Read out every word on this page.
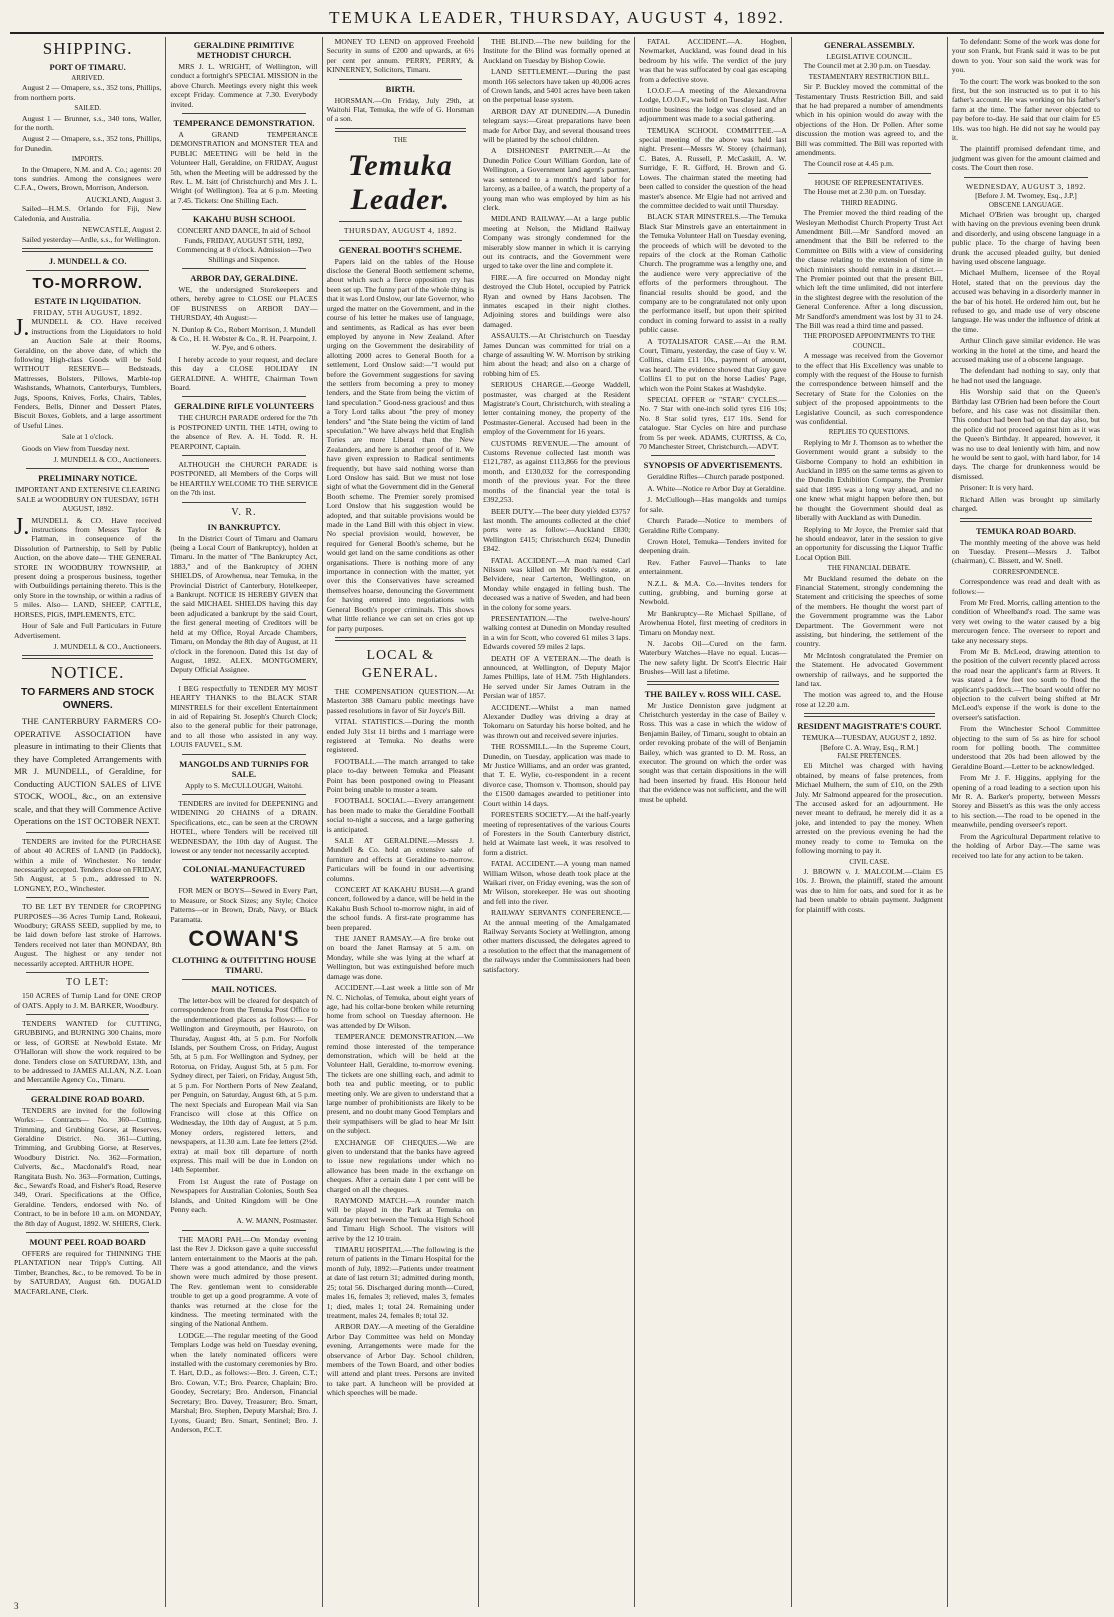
TEMUKA LEADER, THURSDAY, AUGUST 4, 1892.
SHIPPING.
PORT OF TIMARU.
ARRIVED.

August 2 — Omapere, s.s., 352 tons, Phillips, from northern ports.

SAILED.

August 1 — Brunner, s.s., 340 tons, Waller, for the north.

August 2 — Omapere, s.s., 352 tons, Phillips, for Dunedin.

IMPORTS.

In the Omapere, N.M. and A. Co.; agents: 20 tons sundries. Among the consignees were C.F.A., Owers, Brown, Morrison, Anderson.

AUCKLAND, August 3.

Sailed—H.M.S. Orlando for Fiji, New Caledonia, and Australia.

NEWCASTLE, August 2.

Sailed yesterday—Ardle, s.s., for Wellington.

J. MUNDELL & CO.
TO-MORROW.
ESTATE IN LIQUIDATION.
FRIDAY, 5TH AUGUST, 1892.

J. MUNDELL & CO. Have received instructions from the Liquidators to hold an Auction Sale at their Rooms, Geraldine, on the above date, of which the following High-class Goods will be Sold WITHOUT RESERVE— Bedsteads, Mattresses, Bolsters, Pillows, Marble-top Washstands, Whatnots, Canterburys, Tumblers, Jugs, Spoons, Knives, Forks, Chairs, Tables, Fenders, Bells, Dinner and Dessert Plates, Biscuit Boxes, Goblets, and a large assortment of Useful Lines.

Sale at 1 o'clock.

Goods on View from Tuesday next.

J. MUNDELL & CO., Auctioneers.

PRELIMINARY NOTICE.

IMPORTANT AND EXTENSIVE CLEARING SALE at WOODBURY ON TUESDAY, 16TH AUGUST, 1892.

J. MUNDELL & CO. Have received instructions from Messrs Taylor & Flatman, in consequence of the Dissolution of Partnership, to Sell by Public Auction, on the above date— THE GENERAL STORE IN WOODBURY TOWNSHIP, at present doing a prosperous business, together with Outbuildings pertaining thereto. This is the only Store in the township, or within a radius of 5 miles. Also— LAND, SHEEP, CATTLE, HORSES, PIGS, IMPLEMENTS, ETC.

Hour of Sale and Full Particulars in Future Advertisement.

J. MUNDELL & CO., Auctioneers.

NOTICE.
TO FARMERS AND STOCK OWNERS.

THE CANTERBURY FARMERS CO-OPERATIVE ASSOCIATION have pleasure in intimating to their Clients that they have Completed Arrangements with MR J. MUNDELL, of Geraldine, for Conducting AUCTION SALES of LIVE STOCK, WOOL, &c., on an extensive scale, and that they will Commence Active Operations on the 1ST OCTOBER NEXT.

TENDERS are invited for the PURCHASE of about 40 ACRES of LAND (in Paddock), within a mile of Winchester. No tender necessarily accepted. Tenders close on FRIDAY, 5th August, at 5 p.m., addressed to N. LONGNEY, P.O., Winchester.

TO BE LET BY TENDER for CROPPING PURPOSES—36 Acres Turnip Land, Rokeaui, Woodbury; GRASS SEED, supplied by me, to be laid down before last stroke of Harrows. Tenders received not later than MONDAY, 8th August. The highest or any tender not necessarily accepted. ARTHUR HOPE.

TO LET:

150 ACRES of Turnip Land for ONE CROP of OATS. Apply to J. M. BARKER, Woodbury.

TENDERS WANTED for CUTTING, GRUBBING, and BURNING 300 Chains, more or less, of GORSE at Newbold Estate. Mr O'Halloran will show the work required to be done. Tenders close on SATURDAY, 13th, and to be addressed to JAMES ALLAN, N.Z. Loan and Mercantile Agency Co., Timaru.

GERALDINE ROAD BOARD.

TENDERS are invited for the following Works:— Contracts— No. 360—Cutting, Trimming, and Grubbing Gorse, at Reserves, Geraldine District. No. 361—Cutting, Trimming, and Grubbing Gorse, at Reserves, Woodbury District. No. 362—Formation, Culverts, &c., Macdonald's Road, near Rangitata Bush. No. 363—Formation, Cuttings, &c., Seward's Road, and Fisher's Road, Reserve 349, Orari. Specifications at the Office, Geraldine. Tenders, endorsed with No. of Contract, to be in before 10 a.m. on MONDAY, the 8th day of August, 1892. W. SHIERS, Clerk.

MOUNT PEEL ROAD BOARD

OFFERS are required for THINNING THE PLANTATION near Tripp's Cutting. All Timber, Branches, &c., to be removed. To be in by SATURDAY, August 6th. DUGALD MACFARLANE, Clerk.

GERALDINE PRIMITIVE METHODIST CHURCH.

MRS J. L. WRIGHT, of Wellington, will conduct a fortnight's SPECIAL MISSION in the above Church. Meetings every night this week except Friday. Commence at 7.30. Everybody invited.

TEMPERANCE DEMONSTRATION.

A GRAND TEMPERANCE DEMONSTRATION and MONSTER TEA and PUBLIC MEETING will be held in the Volunteer Hall, Geraldine, on FRIDAY, August 5th, when the Meeting will be addressed by the Rev. L. M. Isitt (of Christchurch) and Mrs J. L. Wright (of Wellington). Tea at 6 p.m. Meeting at 7.45. Tickets: One Shilling Each.

KAKAHU BUSH SCHOOL

CONCERT AND DANCE, In aid of School Funds, FRIDAY, AUGUST 5TH, 1892, Commencing at 8 o'clock. Admission—Two Shillings and Sixpence.

ARBOR DAY, GERALDINE.

WE, the undersigned Storekeepers and others, hereby agree to CLOSE our PLACES OF BUSINESS on ARBOR DAY—THURSDAY, 4th August:—

N. Dunlop & Co., Robert Morrison, J. Mundell & Co., H. H. Webster & Co., R. H. Pearpoint, J. W. Pye, and 6 others.

I hereby accede to your request, and declare this day a CLOSE HOLIDAY IN GERALDINE. A. WHITE, Chairman Town Board.

GERALDINE RIFLE VOLUNTEERS

THE CHURCH PARADE ordered for the 7th is POSTPONED UNTIL THE 14TH, owing to the absence of Rev. A. H. Todd. R. H. PEARPOINT, Captain.

ALTHOUGH the CHURCH PARADE is POSTPONED, all Members of the Corps will be HEARTILY WELCOME TO THE SERVICE on the 7th inst.

V. R.
IN BANKRUPTCY.

In the District Court of Timaru and Oamaru (being a Local Court of Bankruptcy), holden at Timaru. In the matter of "The Bankruptcy Act, 1883," and of the Bankruptcy of JOHN SHIELDS, of Arowhenua, near Temuka, in the Provincial District of Canterbury, Hotelkeeper, a Bankrupt. NOTICE IS HEREBY GIVEN that the said MICHAEL SHIELDS having this day been adjudicated a bankrupt by the said Court, the first general meeting of Creditors will be held at my Office, Royal Arcade Chambers, Timaru, on Monday the 8th day of August, at 11 o'clock in the forenoon. Dated this 1st day of August, 1892. ALEX. MONTGOMERY, Deputy Official Assignee.

I BEG respectfully to TENDER MY MOST HEARTY THANKS to the BLACK STAR MINSTRELS for their excellent Entertainment in aid of Repairing St. Joseph's Church Clock; also to the general public for their patronage, and to all those who assisted in any way. LOUIS FAUVEL, S.M.

MANGOLDS AND TURNIPS FOR SALE.

Apply to S. McCULLOUGH, Waitohi.

TENDERS are invited for DEEPENING and WIDENING 20 CHAINS of a DRAIN. Specifications, etc., can be seen at the CROWN HOTEL, where Tenders will be received till WEDNESDAY, the 10th day of August. The lowest or any tender not necessarily accepted.

COLONIAL-MANUFACTURED WATERPROOFS.

FOR MEN or BOYS—Sewed in Every Part, to Measure, or Stock Sizes; any Style; Choice Patterns—or in Brown, Drab, Navy, or Black Paramatta.

COWAN'S
CLOTHING & OUTFITTING HOUSE TIMARU.
MAIL NOTICES.

The letter-box will be cleared for despatch of correspondence from the Temuka Post Office to the undermentioned places as follows:— For Wellington and Greymouth, per Hauroto, on Thursday, August 4th, at 5 p.m. For Norfolk Islands, per Southern Cross, on Friday, August 5th, at 5 p.m. For Wellington and Sydney, per Rotorua, on Friday, August 5th, at 5 p.m. For Sydney direct, per Taieri, on Friday, August 5th, at 5 p.m. For Northern Ports of New Zealand, per Penguin, on Saturday, August 6th, at 5 p.m. The next Specials and European Mail via San Francisco will close at this Office on Wednesday, the 10th day of August, at 5 p.m. Money orders, registered letters, and newspapers, at 11.30 a.m. Late fee letters (2½d. extra) at mail box till departure of north express. This mail will be due in London on 14th September.

From 1st August the rate of Postage on Newspapers for Australian Colonies, South Sea Islands, and United Kingdom will be One Penny each.

A. W. MANN, Postmaster.

THE MAORI PAH.—On Monday evening last the Rev J. Dickson gave a quite successful lantern entertainment to the Maoris at the pah. There was a good attendance, and the views shown were much admired by those present. The Rev. gentleman went to considerable trouble to get up a good programme. A vote of thanks was returned at the close for the kindness. The meeting terminated with the singing of the National Anthem.

LODGE.—The regular meeting of the Good Templars Lodge was held on Tuesday evening, when the lately nominated officers were installed with the customary ceremonies by Bro. T. Hart, D.D., as follows:—Bro. J. Green, C.T.; Bro. Cowan, V.T.; Bro. Pearce, Chaplain; Bro. Goodey, Secretary; Bro. Anderson, Financial Secretary; Bro. Davey, Treasurer; Bro. Smart, Marshal; Bro. Stephen, Deputy Marshal; Bro. J. Lyons, Guard; Bro. Smart, Sentinel; Bro. J. Anderson, P.C.T.

MONEY TO LEND on approved Freehold Security in sums of £200 and upwards, at 6½ per cent per annum. PERRY, PERRY, & KINNERNEY, Solicitors, Timaru.

BIRTH.

HORSMAN.—On Friday, July 29th, at Waitohi Flat, Temuka, the wife of G. Horsman of a son.

THE
Temuka Leader.
THURSDAY, AUGUST 4, 1892.
GENERAL BOOTH'S SCHEME.

Papers laid on the tables of the House disclose the General Booth settlement scheme, about which such a fierce opposition cry has been set up. The funny part of the whole thing is that it was Lord Onslow, our late Governor, who urged the matter on the Government, and in the course of his letter he makes use of language, and sentiments, as Radical as has ever been employed by anyone in New Zealand. After urging on the Government the desirability of allotting 2000 acres to General Booth for a settlement, Lord Onslow said:—"I would put before the Government suggestions for saving the settlers from becoming a prey to money lenders, and the State from being the victim of land speculation." Good-ness gracious! and thus a Tory Lord talks about "the prey of money lenders" and "the State being the victim of land speculation." We have always held that English Tories are more Liberal than the New Zealanders, and here is another proof of it. We have given expression to Radical sentiments frequently, but have said nothing worse than Lord Onslow has said. But we must not lose sight of what the Government did in the General Booth scheme. The Premier sorely promised Lord Onslow that his suggestion would be adopted, and that suitable provisions would be made in the Land Bill with this object in view. No special provision would, however, be required for General Booth's scheme, but he would get land on the same conditions as other organisations. There is nothing more of any importance in connection with the matter, yet over this the Conservatives have screamed themselves hoarse, denouncing the Government for having entered into negotiations with General Booth's proper criminals. This shows what little reliance we can set on cries got up for party purposes.

LOCAL & GENERAL.

THE COMPENSATION QUESTION.—At Masterton 388 Oamaru public meetings have passed resolutions in favor of Sir Joyce's Bill.

VITAL STATISTICS.—During the month ended July 31st 11 births and 1 marriage were registered at Temuka. No deaths were registered.

FOOTBALL.—The match arranged to take place to-day between Temuka and Pleasant Point has been postponed owing to Pleasant Point being unable to muster a team.

FOOTBALL SOCIAL.—Every arrangement has been made to make the Geraldine Football social to-night a success, and a large gathering is anticipated.

SALE AT GERALDINE.—Messrs J. Mundell & Co. hold an extensive sale of furniture and effects at Geraldine to-morrow. Particulars will be found in our advertising columns.

CONCERT AT KAKAHU BUSH.—A grand concert, followed by a dance, will be held in the Kakahu Bush School to-morrow night, in aid of the school funds. A first-rate programme has been prepared.

THE JANET RAMSAY.—A fire broke out on board the Janet Ramsay at 5 a.m. on Monday, while she was lying at the wharf at Wellington, but was extinguished before much damage was done.

ACCIDENT.—Last week a little son of Mr N. C. Nicholas, of Temuka, about eight years of age, had his collar-bone broken while returning home from school on Tuesday afternoon. He was attended by Dr Wilson.

TEMPERANCE DEMONSTRATION.—We remind those interested of the temperance demonstration, which will be held at the Volunteer Hall, Geraldine, to-morrow evening. The tickets are one shilling each, and admit to both tea and public meeting, or to public meeting only. We are given to understand that a large number of prohibitionists are likely to be present, and no doubt many Good Templars and their sympathisers will be glad to hear Mr Isitt on the subject.

EXCHANGE OF CHEQUES.—We are given to understand that the banks have agreed to issue new regulations under which no allowance has been made in the exchange on cheques. After a certain date 1 per cent will be charged on all the cheques.

RAYMOND MATCH.—A rounder match will be played in the Park at Temuka on Saturday next between the Temuka High School and Timaru High School. The visitors will arrive by the 12 10 train.

TIMARU HOSPITAL.—The following is the return of patients in the Timaru Hospital for the month of July, 1892:—Patients under treatment at date of last return 31; admitted during month, 25; total 56. Discharged during month—Cured, males 16, females 3; relieved, males 3, females 1; died, males 1; total 24. Remaining under treatment, males 24, females 8; total 32.

ARBOR DAY.—A meeting of the Geraldine Arbor Day Committee was held on Monday evening. Arrangements were made for the observance of Arbor Day. School children, members of the Town Board, and other bodies will attend and plant trees. Persons are invited to take part. A luncheon will be provided at which speeches will be made.

THE BLIND.—The new building for the Institute for the Blind was formally opened at Auckland on Tuesday by Bishop Cowie.

LAND SETTLEMENT.—During the past month 166 selectors have taken up 40,006 acres of Crown lands, and 5401 acres have been taken on the perpetual lease system.

ARBOR DAY AT DUNEDIN.—A Dunedin telegram says:—Great preparations have been made for Arbor Day, and several thousand trees will be planted by the school children.

A DISHONEST PARTNER.—At the Dunedin Police Court William Gordon, late of Wellington, a Government land agent's partner, was sentenced to a month's hard labor for larceny, as a bailee, of a watch, the property of a young man who was employed by him as his clerk.

MIDLAND RAILWAY.—At a large public meeting at Nelson, the Midland Railway Company was strongly condemned for the miserably slow manner in which it is carrying out its contracts, and the Government were urged to take over the line and complete it.

FIRE.—A fire occurred on Monday night destroyed the Club Hotel, occupied by Patrick Ryan and owned by Hans Jacobsen. The inmates escaped in their night clothes. Adjoining stores and buildings were also damaged.

ASSAULTS.—At Christchurch on Tuesday James Duncan was committed for trial on a charge of assaulting W. W. Morrison by striking him about the head; and also on a charge of robbing him of £5.

SERIOUS CHARGE.—George Waddell, postmaster, was charged at the Resident Magistrate's Court, Christchurch, with stealing a letter containing money, the property of the Postmaster-General. Accused had been in the employ of the Government for 16 years.

CUSTOMS REVENUE.—The amount of Customs Revenue collected last month was £121,787, as against £113,866 for the previous month, and £130,032 for the corresponding month of the previous year. For the three months of the financial year the total is £392,253.

BEER DUTY.—The beer duty yielded £3757 last month. The amounts collected at the chief ports were as follow:—Auckland £830; Wellington £415; Christchurch £624; Dunedin £842.

FATAL ACCIDENT.—A man named Carl Nilsson was killed on Mr Booth's estate, at Belvidere, near Carterton, Wellington, on Monday while engaged in felling bush. The deceased was a native of Sweden, and had been in the colony for some years.

PRESENTATION.—The twelve-hours' walking contest at Dunedin on Monday resulted in a win for Scott, who covered 61 miles 3 laps. Edwards covered 59 miles 2 laps.

DEATH OF A VETERAN.—The death is announced, at Wellington, of Deputy Major James Phillips, late of H.M. 75th Highlanders. He served under Sir James Outram in the Persian war of 1857.

ACCIDENT.—Whilst a man named Alexander Dudley was driving a dray at Tokomaru on Saturday his horse bolted, and he was thrown out and received severe injuries.

THE ROSSMILL.—In the Supreme Court, Dunedin, on Tuesday, application was made to Mr Justice Williams, and an order was granted, that T. E. Wylie, co-respondent in a recent divorce case, Thomson v. Thomson, should pay the £1500 damages awarded to petitioner into Court within 14 days.

FORESTERS SOCIETY.—At the half-yearly meeting of representatives of the various Courts of Foresters in the South Canterbury district, held at Waimate last week, it was resolved to form a district.

FATAL ACCIDENT.—A young man named William Wilson, whose death took place at the Waikari river, on Friday evening, was the son of Mr Wilson, storekeeper. He was out shooting and fell into the river.

RAILWAY SERVANTS CONFERENCE.—At the annual meeting of the Amalgamated Railway Servants Society at Wellington, among other matters discussed, the delegates agreed to a resolution to the effect that the management of the railways under the Commissioners had been satisfactory.

FATAL ACCIDENT.—A. Hogben, Newmarket, Auckland, was found dead in his bedroom by his wife. The verdict of the jury was that he was suffocated by coal gas escaping from a defective stove.

I.O.O.F.—A meeting of the Alexandrovna Lodge, I.O.O.F., was held on Tuesday last. After routine business the lodge was closed and an adjournment was made to a social gathering.

TEMUKA SCHOOL COMMITTEE.—A special meeting of the above was held last night. Present—Messrs W. Storey (chairman), C. Bates, A. Russell, P. McCaskill, A. W. Surridge, F. R. Gifford, H. Brown and G. Lowes. The chairman stated the meeting had been called to consider the question of the head master's absence. Mr Elgie had not arrived and the committee decided to wait until Thursday.

BLACK STAR MINSTRELS.—The Temuka Black Star Minstrels gave an entertainment in the Temuka Volunteer Hall on Tuesday evening, the proceeds of which will be devoted to the repairs of the clock at the Roman Catholic Church. The programme was a lengthy one, and the audience were very appreciative of the efforts of the performers throughout. The financial results should be good, and the company are to be congratulated not only upon the performance itself, but upon their spirited conduct in coming forward to assist in a really public cause.

A TOTALISATOR CASE.—At the R.M. Court, Timaru, yesterday, the case of Guy v. W. Collins, claim £11 10s., payment of amount, was heard. The evidence showed that Guy gave Collins £1 to put on the horse Ladies' Page, which won the Point Stakes at Washdyke.

SPECIAL OFFER or "STAR" CYCLES.—No. 7 Star with one-inch solid tyres £16 10s; No. 8 Star solid tyres, £17 10s. Send for catalogue. Star Cycles on hire and purchase from 5s per week. ADAMS, CURTISS, & Co, 70 Manchester Street, Christchurch.—ADVT.

SYNOPSIS OF ADVERTISEMENTS.

Geraldine Rifles—Church parade postponed.

A. White—Notice re Arbor Day at Geraldine.

J. McCullough—Has mangolds and turnips for sale.

Church Parade—Notice to members of Geraldine Rifle Company.

Crown Hotel, Temuka—Tenders invited for deepening drain.

Rev. Father Fauvel—Thanks to late entertainment.

N.Z.L. & M.A. Co.—Invites tenders for cutting, grubbing, and burning gorse at Newbold.

Mr Bankruptcy—Re Michael Spillane, of Arowhenua Hotel, first meeting of creditors in Timaru on Monday next.

N. Jacobs Oil—Cured on the farm. Waterbury Watches—Have no equal. Lucas—The new safety light. Dr Scott's Electric Hair Brushes—Will last a lifetime.

THE BAILEY v. ROSS WILL CASE.

Mr Justice Denniston gave judgment at Christchurch yesterday in the case of Bailey v. Ross. This was a case in which the widow of Benjamin Bailey, of Timaru, sought to obtain an order revoking probate of the will of Benjamin Bailey, which was granted to D. M. Ross, an executor. The ground on which the order was sought was that certain dispositions in the will had been inserted by fraud. His Honour held that the evidence was not sufficient, and the will must be upheld.

GENERAL ASSEMBLY.
LEGISLATIVE COUNCIL.

The Council met at 2.30 p.m. on Tuesday.

TESTAMENTARY RESTRICTION BILL.

Sir P. Buckley moved the committal of the Testamentary Trusts Restriction Bill, and said that he had prepared a number of amendments which in his opinion would do away with the objections of the Hon. Dr Pollen. After some discussion the motion was agreed to, and the Bill was committed. The Bill was reported with amendments.

The Council rose at 4.45 p.m.

HOUSE OF REPRESENTATIVES.

The House met at 2.30 p.m. on Tuesday.

THIRD READING.

The Premier moved the third reading of the Wesleyan Methodist Church Property Trust Act Amendment Bill.—Mr Sandford moved an amendment that the Bill be referred to the Committee on Bills with a view of considering the clause relating to the extension of time in which ministers should remain in a district.—The Premier pointed out that the present Bill, which left the time unlimited, did not interfere in the slightest degree with the resolution of the General Conference. After a long discussion, Mr Sandford's amendment was lost by 31 to 24. The Bill was read a third time and passed.

THE PROPOSED APPOINTMENTS TO THE COUNCIL.

A message was received from the Governor to the effect that His Excellency was unable to comply with the request of the House to furnish the correspondence between himself and the Secretary of State for the Colonies on the subject of the proposed appointments to the Legislative Council, as such correspondence was confidential.

REPLIES TO QUESTIONS.

Replying to Mr J. Thomson as to whether the Government would grant a subsidy to the Gisborne Company to hold an exhibition in Auckland in 1895 on the same terms as given to the Dunedin Exhibition Company, the Premier said that 1895 was a long way ahead, and no one knew what might happen before then, but he thought the Government should deal as liberally with Auckland as with Dunedin.

Replying to Mr Joyce, the Premier said that he should endeavor, later in the session to give an opportunity for discussing the Liquor Traffic Local Option Bill.

THE FINANCIAL DEBATE.

Mr Buckland resumed the debate on the Financial Statement, strongly condemning the Statement and criticising the speeches of some of the members. He thought the worst part of the Government programme was the Labor Department. The Government were not assisting, but hindering, the settlement of the country.

Mr McIntosh congratulated the Premier on the Statement. He advocated Government ownership of railways, and he supported the land tax.

The motion was agreed to, and the House rose at 12.20 a.m.

RESIDENT MAGISTRATE'S COURT.
TEMUKA—TUESDAY, AUGUST 2, 1892.
[Before C. A. Wray, Esq., R.M.]
FALSE PRETENCES.

Eli Mitchel was charged with having obtained, by means of false pretences, from Michael Mulhern, the sum of £10, on the 29th July. Mr Salmond appeared for the prosecution. The accused asked for an adjournment. He never meant to defraud, he merely did it as a joke, and intended to pay the money. When arrested on the previous evening he had the money ready to come to Temuka on the following morning to pay it.

CIVIL CASE.

J. BROWN v. J. MALCOLM.—Claim £5 10s. J. Brown, the plaintiff, stated the amount was due to him for oats, and sued for it as he had been unable to obtain payment. Judgment for plaintiff with costs.

To defendant: Some of the work was done for your son Frank, but Frank said it was to be put down to you. Your son said the work was for you.

To the court: The work was booked to the son first, but the son instructed us to put it to his father's account. He was working on his father's farm at the time. The father never objected to pay before to-day. He said that our claim for £5 10s. was too high. He did not say he would pay it.

The plaintiff promised defendant time, and judgment was given for the amount claimed and costs. The Court then rose.

WEDNESDAY, AUGUST 3, 1892.
[Before J. M. Twomey, Esq., J.P.]
OBSCENE LANGUAGE.

Michael O'Brien was brought up, charged with having on the previous evening been drunk and disorderly, and using obscene language in a public place. To the charge of having been drunk the accused pleaded guilty, but denied having used obscene language.

Michael Mulhern, licensee of the Royal Hotel, stated that on the previous day the accused was behaving in a disorderly manner in the bar of his hotel. He ordered him out, but he refused to go, and made use of very obscene language. He was under the influence of drink at the time.

Arthur Clinch gave similar evidence. He was working in the hotel at the time, and heard the accused making use of a obscene language.

The defendant had nothing to say, only that he had not used the language.

His Worship said that on the Queen's Birthday last O'Brien had been before the Court before, and his case was not dissimilar then. This conduct had been bad on that day also, but the police did not proceed against him as it was the Queen's Birthday. It appeared, however, it was no use to deal leniently with him, and now he would be sent to gaol, with hard labor, for 14 days. The charge for drunkenness would be dismissed.

Prisoner: It is very hard.

Richard Allen was brought up similarly charged.

TEMUKA ROAD BOARD.

The monthly meeting of the above was held on Tuesday. Present—Messrs J. Talbot (chairman), C. Bissett, and W. Snell.

CORRESPONDENCE.

Correspondence was read and dealt with as follows:—

From Mr Fred. Morris, calling attention to the condition of Wheelband's road. The same was very wet owing to the water caused by a big mercurogen fence. The overseer to report and take any necessary steps.

From Mr B. McLeod, drawing attention to the position of the culvert recently placed across the road near the applicant's farm at Rivers. It was stated a few feet too south to flood the applicant's paddock.—The board would offer no objection to the culvert being shifted at Mr McLeod's expense if the work is done to the overseer's satisfaction.

From the Winchester School Committee objecting to the sum of 5s as hire for school room for polling booth. The committee understood that 20s had been allowed by the Geraldine Board.—Letter to be acknowledged.

From Mr J. F. Higgins, applying for the opening of a road leading to a section upon his Mr R. A. Barker's property, between Messrs Storey and Bissett's as this was the only access to his section.—The road to be opened in the meanwhile, pending overseer's report.

From the Agricultural Department relative to the holding of Arbor Day.—The same was received too late for any action to be taken.

3
